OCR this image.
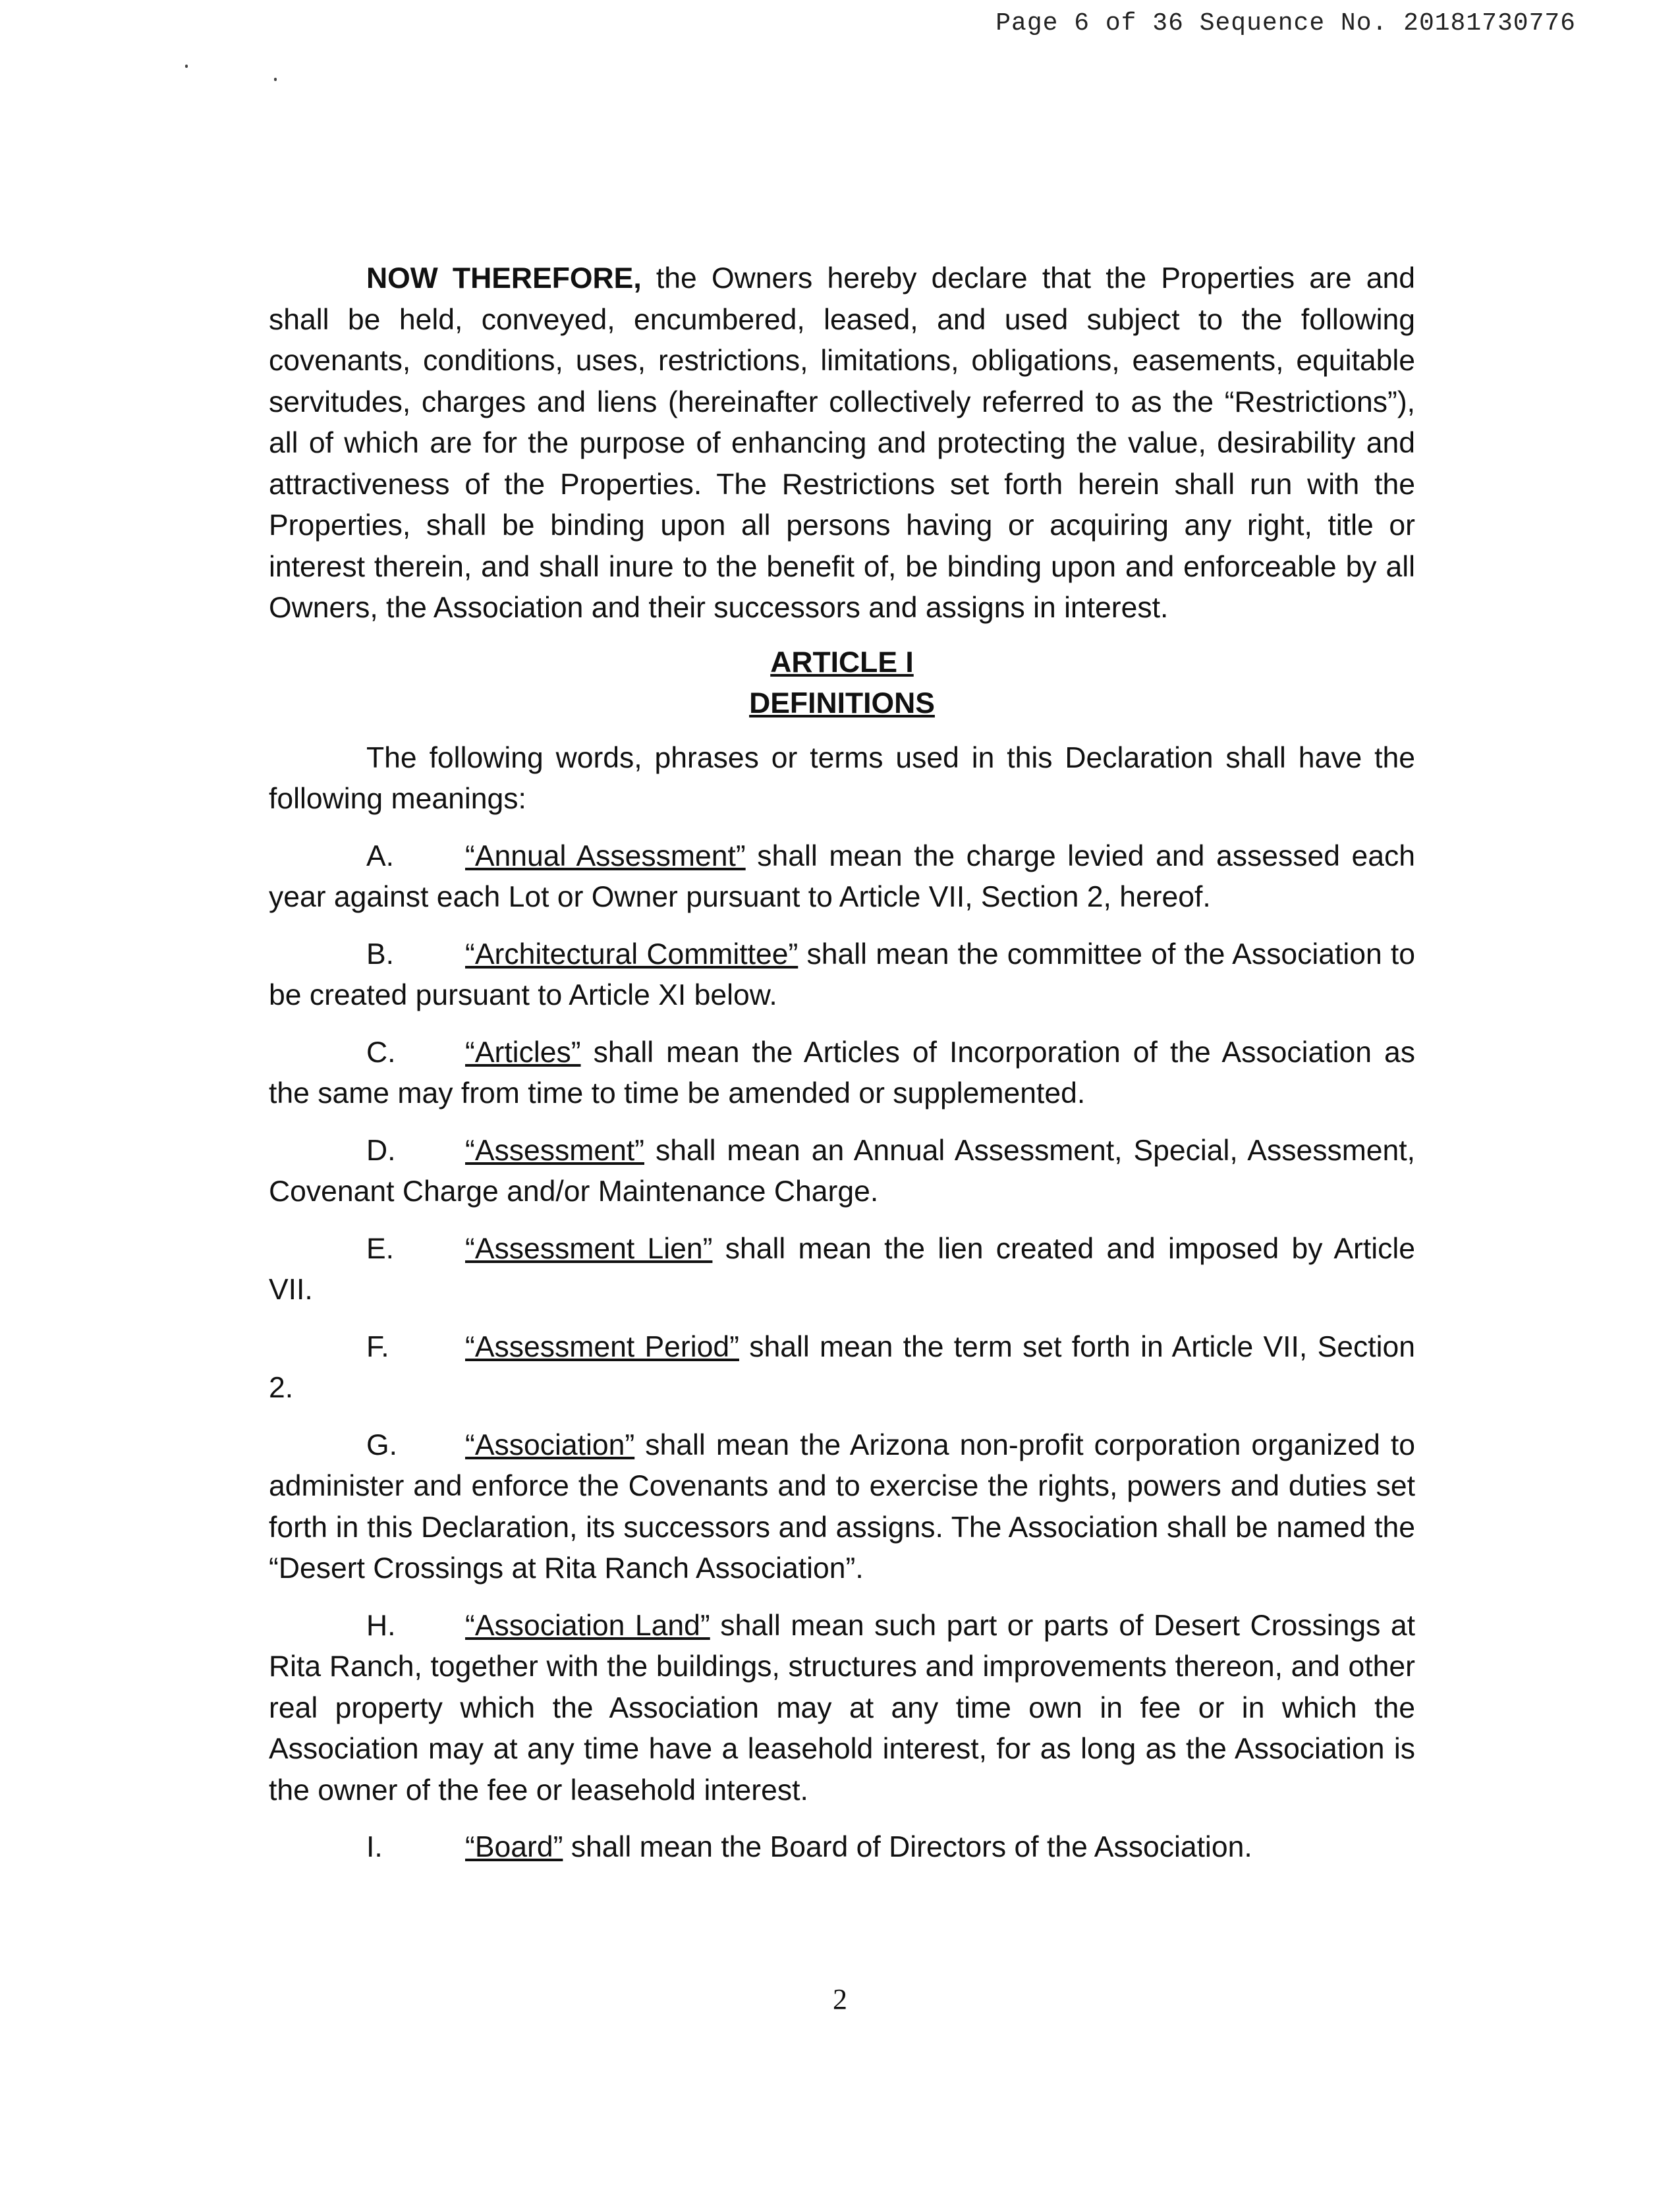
Page 6 of 36 Sequence No. 20181730776

NOW THEREFORE, the Owners hereby declare that the Properties are and shall be held, conveyed, encumbered, leased, and used subject to the following covenants, conditions, uses, restrictions, limitations, obligations, easements, equitable servitudes, charges and liens (hereinafter collectively referred to as the “Restrictions”), all of which are for the purpose of enhancing and protecting the value, desirability and attractiveness of the Properties. The Restrictions set forth herein shall run with the Properties, shall be binding upon all persons having or acquiring any right, title or interest therein, and shall inure to the benefit of, be binding upon and enforceable by all Owners, the Association and their successors and assigns in interest.

ARTICLE I

DEFINITIONS

The following words, phrases or terms used in this Declaration shall have the following meanings:

A. “Annual Assessment” shall mean the charge levied and assessed each year against each Lot or Owner pursuant to Article VII, Section 2, hereof.

B. “Architectural Committee” shall mean the committee of the Association to be created pursuant to Article XI below.

C. “Articles” shall mean the Articles of Incorporation of the Association as the same may from time to time be amended or supplemented.

D. “Assessment” shall mean an Annual Assessment, Special, Assessment, Covenant Charge and/or Maintenance Charge.

E. “Assessment Lien” shall mean the lien created and imposed by Article VII.

F.	“Assessment Period” shall mean the term set forth in Article VII, Section 2.

G. “Association” shall mean the Arizona non-profit corporation organized to administer and enforce the Covenants and to exercise the rights, powers and duties set forth in this Declaration, its successors and assigns. The Association shall be named the “Desert Crossings at Rita Ranch Association”.

H. “Association Land” shall mean such part or parts of Desert Crossings at Rita Ranch, together with the buildings, structures and improvements thereon, and other real property which the Association may at any time own in fee or in which the Association may at any time have a leasehold interest, for as long as the Association is the owner of the fee or leasehold interest.

I.	“Board” shall mean the Board of Directors of the Association.

2
